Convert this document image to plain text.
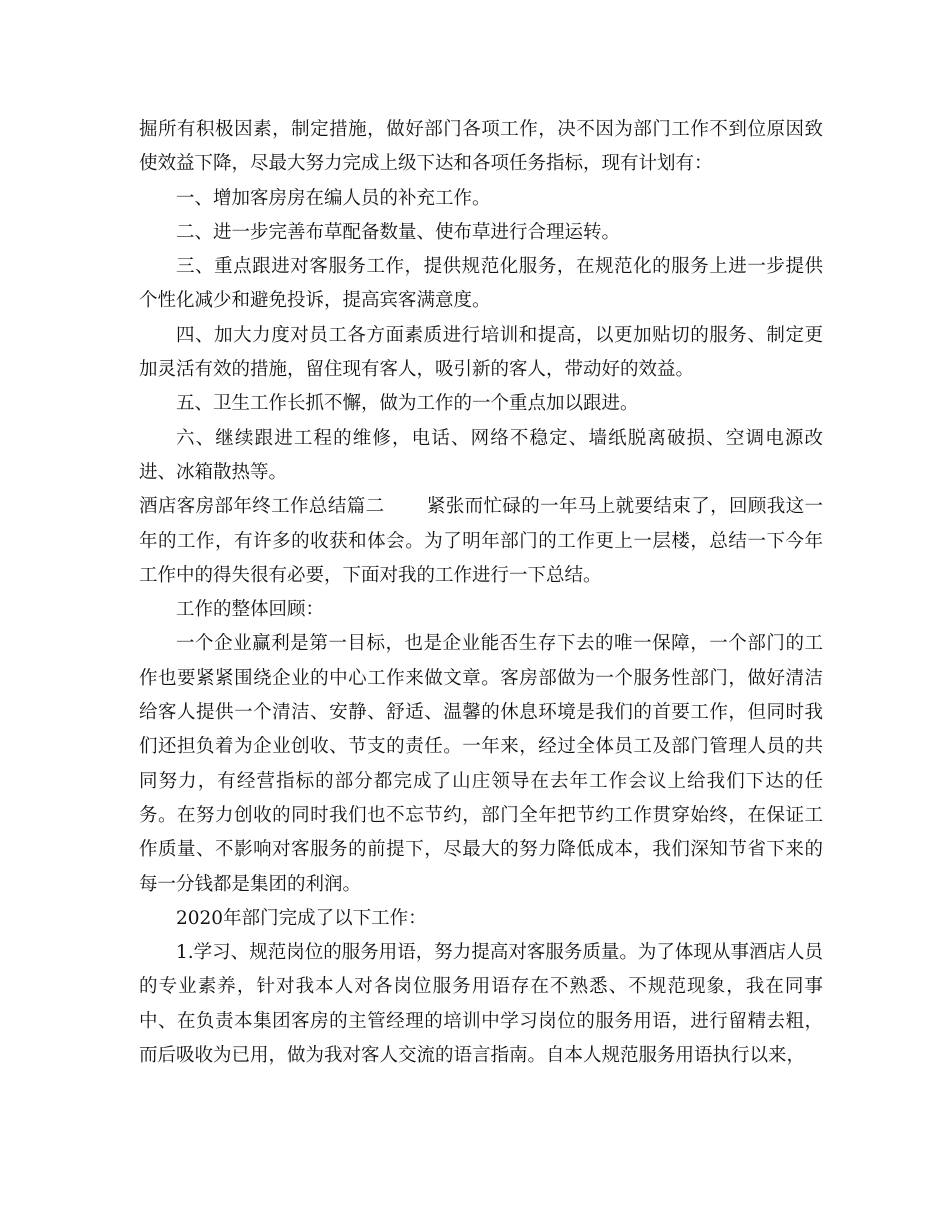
掘所有积极因素，制定措施，做好部门各项工作，决不因为部门工作不到位原因致使效益下降，尽最大努力完成上级下达和各项任务指标，现有计划有：

一、增加客房房在编人员的补充工作。

二、进一步完善布草配备数量、使布草进行合理运转。

三、重点跟进对客服务工作，提供规范化服务，在规范化的服务上进一步提供个性化减少和避免投诉，提高宾客满意度。

四、加大力度对员工各方面素质进行培训和提高，以更加贴切的服务、制定更加灵活有效的措施，留住现有客人，吸引新的客人，带动好的效益。

五、卫生工作长抓不懈，做为工作的一个重点加以跟进。

六、继续跟进工程的维修，电话、网络不稳定、墙纸脱离破损、空调电源改进、冰箱散热等。

酒店客房部年终工作总结篇二 紧张而忙碌的一年马上就要结束了，回顾我这一年的工作，有许多的收获和体会。为了明年部门的工作更上一层楼，总结一下今年工作中的得失很有必要，下面对我的工作进行一下总结。

工作的整体回顾：

一个企业赢利是第一目标，也是企业能否生存下去的唯一保障，一个部门的工作也要紧紧围绕企业的中心工作来做文章。客房部做为一个服务性部门，做好清洁给客人提供一个清洁、安静、舒适、温馨的休息环境是我们的首要工作，但同时我们还担负着为企业创收、节支的责任。一年来，经过全体员工及部门管理人员的共同努力，有经营指标的部分都完成了山庄领导在去年工作会议上给我们下达的任务。在努力创收的同时我们也不忘节约，部门全年把节约工作贯穿始终，在保证工作质量、不影响对客服务的前提下，尽最大的努力降低成本，我们深知节省下来的每一分钱都是集团的利润。

2020年部门完成了以下工作：

1.学习、规范岗位的服务用语，努力提高对客服务质量。为了体现从事酒店人员的专业素养，针对我本人对各岗位服务用语存在不熟悉、不规范现象，我在同事中、在负责本集团客房的主管经理的培训中学习岗位的服务用语，进行留精去粗，而后吸收为已用，做为我对客人交流的语言指南。自本人规范服务用语执行以来，
